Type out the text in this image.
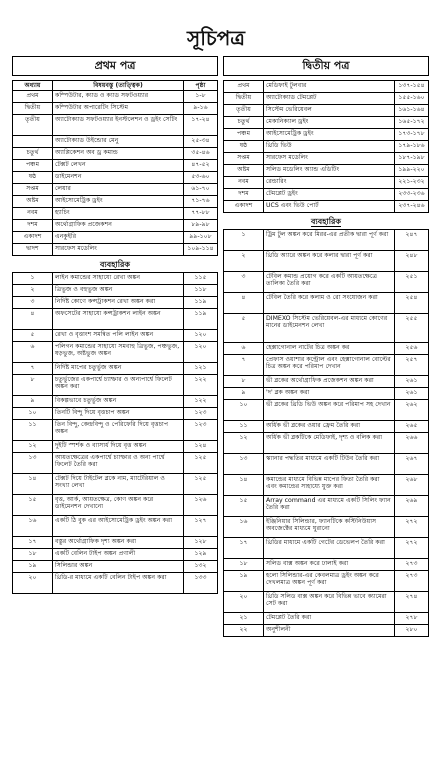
সূচিপত্র
প্রথম পত্র
অধ্যায়	বিষয়বস্তু (তাত্ত্বিক)	পৃষ্ঠা
প্রথম	কম্পিউটার, ক্যাড ও ক্যাড সফটওয়্যার	১-৮
দ্বিতীয়	কম্পিউটার অপারেটিং সিস্টেম	৯-১৬
তৃতীয়	অ্যাটোক্যাড সফটওয়্যার ইনস্টলেশন ও ড্রইং সেটিং	১৭-২৪
	অ্যাটোক্যাড উইন্ডোর মেনু	২৫-৩৪
চতুর্থ	অ্যাপ্লিকেশন অব ড্র কমান্ড	৩৫-৪৬
পঞ্চম	টেক্সট লেখন	৪৭-৫২
ষষ্ঠ	ডাইমেনশন	৫৩-৬০
সপ্তম	লেয়ার	৬১-৭০
অষ্টম	আইসোমেট্রিক ড্রইং	৭১-৭৬
নবম	হ্যাচিং	৭৭-৮৮
দশম	অর্থোগ্রাফিক প্রজেকশন	৮৯-৯৮
একাদশ	এনকুইরি	৯৯-১০৮
দ্বাদশ	সারফেস মডেলিং	১০৯-১১৪
ব্যবহারিক		
১	লাইন কমান্ডের সাহায্যে রেখা অঙ্কন	১১৫
২	ত্রিভুজ ও বহুভুজ অঙ্কন	১১৮
৩	নির্দিষ্ট কোণে কন্সট্রাকশন রেখা অঙ্কন করা	১১৯
৪	অফসেটের সাহায্যে কন্সট্রাকশন লাইন অঙ্কন	১১৯
৫	রেখা ও বৃত্তাংশ সমন্বিত পলি লাইন অঙ্কন	১২০
৬	পলিগন কমান্ডের সাহায্যে সমবাহু ত্রিভুজ, পঞ্চভুজ, ষড়ভুজ, অষ্টভুজ অঙ্কন	১২০
৭	নির্দিষ্ট মাপের চতুর্ভুজ অঙ্কন	১২১
৮	চতুর্ভুজের একপার্শ্বে চ্যাম্ফার ও অন্যপার্শ্বে ফিলেট অঙ্কন করা	১২২
৯	বিকল্পভাবে চতুর্ভুজ অঙ্কন	১২২
১০	তিনটি বিন্দু দিয়ে বৃত্তচাপ অঙ্কন	১২৩
১১	তিন বিন্দু, কেন্দ্রবিন্দু ও পেরিফেরি দিয়ে বৃত্তচাপ অঙ্কন	১২৩
১২	দুইটি স্পর্শক ও ব্যাসার্ধ দিয়ে বৃত্ত অঙ্কন	১২৪
১৩	আয়তক্ষেত্রের একপার্শ্বে চ্যাম্ফার ও অন্য পার্শ্বে ফিলেট তৈরি করা	১২৫
১৪	টেক্সট দিয়ে টাইটেল ব্লকে নাম, ম্যাটেরিয়াল ও সংখ্যা লেখা	১২৫
১৫	বৃত্ত, আর্ক, আয়তক্ষেত্র, কোণ অঙ্কন করে ডাইমেনশন দেখানো	১২৬
১৬	একটি ঠি বুক এর আইসোমেট্রিক ড্রইং অঙ্কন করা	১২৭
১৭	বস্তুর অর্থোগ্রাফিক দৃশ্য অঙ্কন করা	১২৮
১৮	একটি বেলিন টাইপ অঙ্কন প্রণালী	১২৯
১৯	সিলিন্ডার অঙ্কন	১৩২
২০	থ্রিডি-র মাধ্যমে একটি বেলিন টাইপ অঙ্কন করা	১৩৩
দ্বিতীয় পত্র
প্রথম	মেডিফাই টুলবার	১৩৭-১৫৪
দ্বিতীয়	অ্যাটোক্যাড টেমপ্লেট	১৫৫-১৬০
তৃতীয়	সিস্টেম ভেরিয়েবল	১৬১-১৬৪
চতুর্থ	মেকানিক্যাল ড্রইং	১৬৫-১৭২
পঞ্চম	আইসোমেট্রিক ড্রইং	১৭৩-১৭৮
ষষ্ঠ	থ্রিডি ভিউ	১৭৯-১৮৬
সপ্তম	সারফেস মডেলিং	১৮৭-১৯৮
অষ্টম	সলিড মডেলিং অ্যান্ড এডিটিং	১৯৯-২২০
নবম	রেন্ডারিং	২২১-২৩২
দশম	টেমপ্লেট ড্রইং	২৩৩-২৩৬
একাদশ	UCS এবং ভিউ পোর্ট	২৩৭-২৪৬
ব্যবহারিক		
১	ট্রিম টুল অঙ্কন করে মিরর-এর প্রতীক দ্বারা পূর্ণ করা	২৪৭
২	থ্রিডি অ্যারে অঙ্কন করে কলার দ্বারা পূর্ণ করা	২৪৮
৩	টেবিল কমান্ড প্রয়োগ করে একটি আয়তক্ষেত্রে তালিকা তৈরি করা	২৫১
৪	টেবিল তৈরি করে কলাম ও রো সংযোজন করা	২৫৪
৫	DIMEXO সিস্টেম ভেরিয়েবল-এর মাধ্যমে কোণের মানের ডাইমেনশন লেখা	২৫৫
৬	হেক্সাগোনাল নাটের চিত্র অঙ্কন কর	২৫৬
৭	প্রেফাস ওয়াশার কন্ট্রোল এবং হেক্সাগোনাল বোল্টের চিত্র অঙ্কন করে পরিমাপ দেখান	২৫৭
৮	ভী ব্লকের অর্থোগ্রাফিক প্রজেকশন অঙ্কন করা	২৬১
৯	'দ' ব্লক অঙ্কন করা	২৬১
১০	ভী ব্লকের থ্রিডি ভিউ অঙ্কন করে পরিমাপ সহ দেখান	২৬২
১১	অর্ধিক ভী ব্লকের ওয়ার ফ্রেম তৈরি করা	২৬৫
১২	অর্ধিক ভী ব্লকটিকে মেডিফাই, দৃশ্য ও বলিক করা	২৬৬
১৩	স্ক্যানার পদ্ধতির মাধ্যমে একটি টিউব তৈরি করা	২৬৭
১৪	কমান্ডের মাধ্যমে বিভিন্ন মাপের ফিতা তৈরি করা এবং কমান্ডের সাহায্যে যুক্ত করা	২৬৮
১৫	Array command এর মাধ্যমে একটি সিলিং ফ্যান তৈরি করা	২৬৯
১৬	ইঞ্জিনিয়ার সিলিন্ডার, ফ্যানটিকে কস্টিনিউয়াস অবজেক্টের মাধ্যমে ঘুরানো	২৭২
১৭	থ্রিডির মাধ্যমে একটি গেটের ডেভেলপ তৈরি করা	২৭২
১৮	সলিড বাক্স অঙ্কন করে ঢালাই করা	২৭৩
১৯	হলো সিলিন্ডার-এর কেবলমাত্র ড্রইং অঙ্কন করে দেখলমাত্র অঙ্কন পূর্ণ করা	২৭৩
২০	থ্রিডি সলিড বাক্স অঙ্কন করে বিভিন্ন ভাবে ক্যামেরা সেট করা	২৭৪
২১	টেমপ্লেট তৈরি করা	২৭৮
২২	অনুশীলনী	২৮০
